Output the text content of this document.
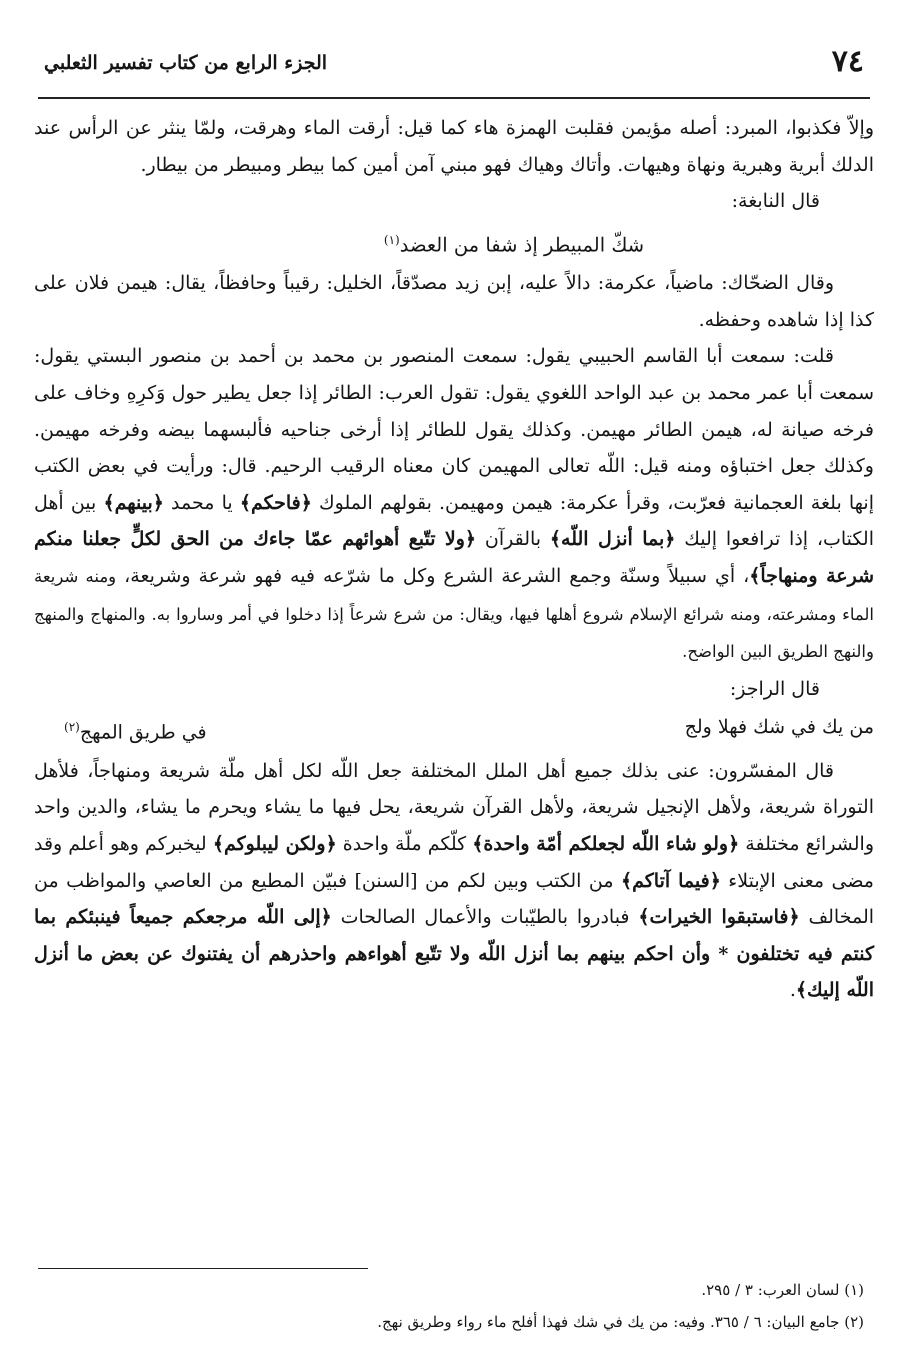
٧٤
الجزء الرابع من كتاب تفسير الثعلبي

وإلاّ فكذبوا، المبرد: أصله مؤيمن فقلبت الهمزة هاء كما قيل: أرقت الماء وهرقت، ولمّا ينثر عن الرأس عند الدلك أبرية وهبرية ونهاة وهيهات. وأتاك وهياك فهو مبني آمن أمين كما بيطر ومبيطر من بيطار.

قال النابغة:

شكّ المبيطر إذ شفا من العضد$^{(١)}$

وقال الضحّاك: ماضياً، عكرمة: دالاً عليه، إبن زيد مصدّقاً، الخليل: رقيباً وحافظاً، يقال: هيمن فلان على كذا إذا شاهده وحفظه.

قلت: سمعت أبا القاسم الحبيبي يقول: سمعت المنصور بن محمد بن أحمد بن منصور البستي يقول: سمعت أبا عمر محمد بن عبد الواحد اللغوي يقول: تقول العرب: الطائر إذا جعل يطير حول وَكرِهِ وخاف على فرخه صيانة له، هيمن الطائر مهيمن. وكذلك يقول للطائر إذا أرخى جناحيه فألبسهما بيضه وفرخه مهيمن. وكذلك جعل اختباؤه ومنه قيل: اللّه تعالى المهيمن كان معناه الرقيب الرحيم. قال: ورأيت في بعض الكتب إنها بلغة العجمانية فعرّبت، وقرأ عكرمة: هيمن ومهيمن. بقولهم الملوك ﴿فاحكم﴾ يا محمد ﴿بينهم﴾ بين أهل الكتاب، إذا ترافعوا إليك ﴿بما أنزل اللّه﴾ بالقرآن ﴿ولا تتّبع أهوائهم عمّا جاءك من الحق لكلٍّ جعلنا منكم شرعة ومنهاجاً﴾، أي سبيلاً وسنّة وجمع الشرعة الشرع وكل ما شرّعه فيه فهو شرعة وشريعة، ومنه شريعة الماء ومشرعته، ومنه شرائع الإسلام شروع أهلها فيها، ويقال: من شرع شرعاً إذا دخلوا في أمر وساروا به. والمنهاج والمنهج والنهج الطريق البين الواضح.

قال الراجز:

من يك في شك فهلا ولج
في طريق المهج$^{(٢)}$

قال المفسّرون: عنى بذلك جميع أهل الملل المختلفة جعل اللّه لكل أهل ملّة شريعة ومنهاجاً، فلأهل التوراة شريعة، ولأهل الإنجيل شريعة، ولأهل القرآن شريعة، يحل فيها ما يشاء ويحرم ما يشاء، والدين واحد والشرائع مختلفة ﴿ولو شاء اللّه لجعلكم أمّة واحدة﴾ كلّكم ملّة واحدة ﴿ولكن ليبلوكم﴾ ليخبركم وهو أعلم وقد مضى معنى الإبتلاء ﴿فيما آتاكم﴾ من الكتب وبين لكم من [السنن] فبيّن المطيع من العاصي والمواظب من المخالف ﴿فاستبقوا الخيرات﴾ فبادروا بالطيّبات والأعمال الصالحات ﴿إلى اللّه مرجعكم جميعاً فينبئكم بما كنتم فيه تختلفون * وأن احكم بينهم بما أنزل اللّه ولا تتّبع أهواءهم واحذرهم أن يفتنوك عن بعض ما أنزل اللّه إليك﴾.

(١) لسان العرب: ٣ / ٢٩٥.

(٢) جامع البيان: ٦ / ٣٦٥. وفيه: من يك في شك فهذا أفلح ماء رواء وطريق نهج.
